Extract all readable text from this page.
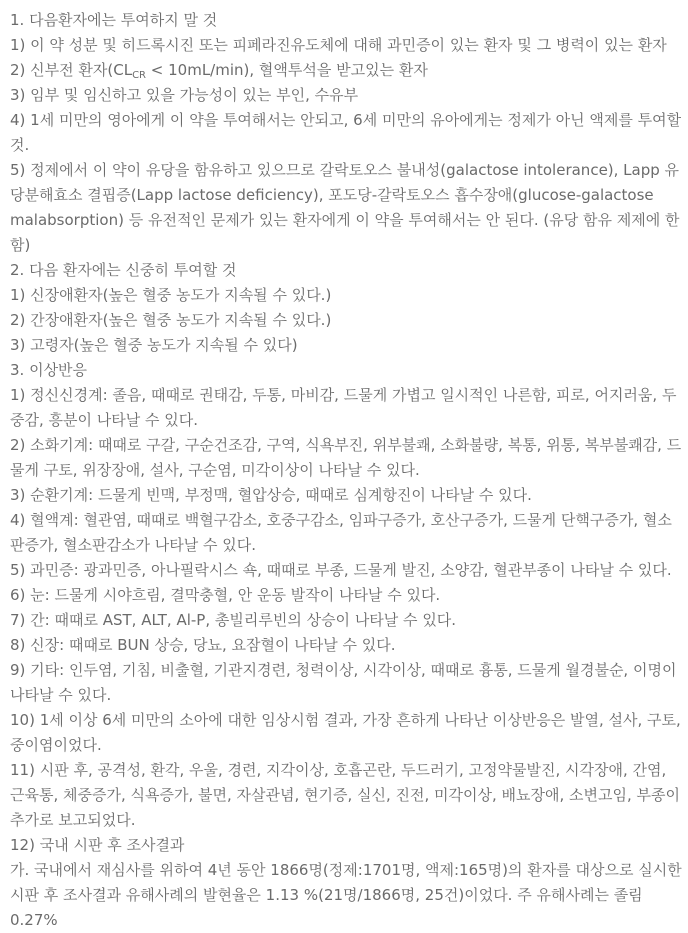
1. 다음환자에는 투여하지 말 것

1) 이 약 성분 및 히드록시진 또는 피페라진유도체에 대해 과민증이 있는 환자 및 그 병력이 있는 환자

2) 신부전 환자$(CL_{CR} < 10mL/\min)$, 혈액투석을 받고있는 환자

3) 임부 및 임신하고 있을 가능성이 있는 부인, 수유부

4) 1세 미만의 영아에게 이 약을 투여해서는 안되고, 6세 미만의 유아에게는 정제가 아닌 액제를 투여할 것.

5) 정제에서 이 약이 유당을 함유하고 있으므로 갈락토오스 불내성(galactose intolerance), Lapp 유당분해효소 결핍증(Lapp lactose deficiency), 포도당-갈락토오스 흡수장애(glucose-galactose malabsorption) 등 유전적인 문제가 있는 환자에게 이 약을 투여해서는 안 된다. (유당 함유 제제에 한함)

2. 다음 환자에는 신중히 투여할 것

1) 신장애환자(높은 혈중 농도가 지속될 수 있다.)

2) 간장애환자(높은 혈중 농도가 지속될 수 있다.)

3) 고령자(높은 혈중 농도가 지속될 수 있다)

3. 이상반응

1) 정신신경계: 졸음, 때때로 권태감, 두통, 마비감, 드물게 가볍고 일시적인 나른함, 피로, 어지러움, 두중감, 흥분이 나타날 수 있다.

2) 소화기계: 때때로 구갈, 구순건조감, 구역, 식욕부진, 위부불쾌, 소화불량, 복통, 위통, 복부불쾌감, 드물게 구토, 위장장애, 설사, 구순염, 미각이상이 나타날 수 있다.

3) 순환기계: 드물게 빈맥, 부정맥, 혈압상승, 때때로 심계항진이 나타날 수 있다.

4) 혈액계: 혈관염, 때때로 백혈구감소, 호중구감소, 임파구증가, 호산구증가, 드물게 단핵구증가, 혈소판증가, 혈소판감소가 나타날 수 있다.

5) 과민증: 광과민증, 아나필락시스 쇽, 때때로 부종, 드물게 발진, 소양감, 혈관부종이 나타날 수 있다.

6) 눈: 드물게 시야흐림, 결막충혈, 안 운동 발작이 나타날 수 있다.

7) 간: 때때로 AST, ALT, Al-P, 총빌리루빈의 상승이 나타날 수 있다.

8) 신장: 때때로 BUN 상승, 당뇨, 요잠혈이 나타날 수 있다.

9) 기타: 인두염, 기침, 비출혈, 기관지경련, 청력이상, 시각이상, 때때로 흉통, 드물게 월경불순, 이명이 나타날 수 있다.

10) 1세 이상 6세 미만의 소아에 대한 임상시험 결과, 가장 흔하게 나타난 이상반응은 발열, 설사, 구토, 중이염이었다.

11) 시판 후, 공격성, 환각, 우울, 경련, 지각이상, 호흡곤란, 두드러기, 고정약물발진, 시각장애, 간염, 근육통, 체중증가, 식욕증가, 불면, 자살관념, 현기증, 실신, 진전, 미각이상, 배뇨장애, 소변고임, 부종이 추가로 보고되었다.

12) 국내 시판 후 조사결과

가. 국내에서 재심사를 위하여 4년 동안 1866명(정제:1701명, 액제:165명)의 환자를 대상으로 실시한 시판 후 조사결과 유해사례의 발현율은 1.13 %(21명/1866명, 25건)이었다. 주 유해사례는 졸림 0.27%
